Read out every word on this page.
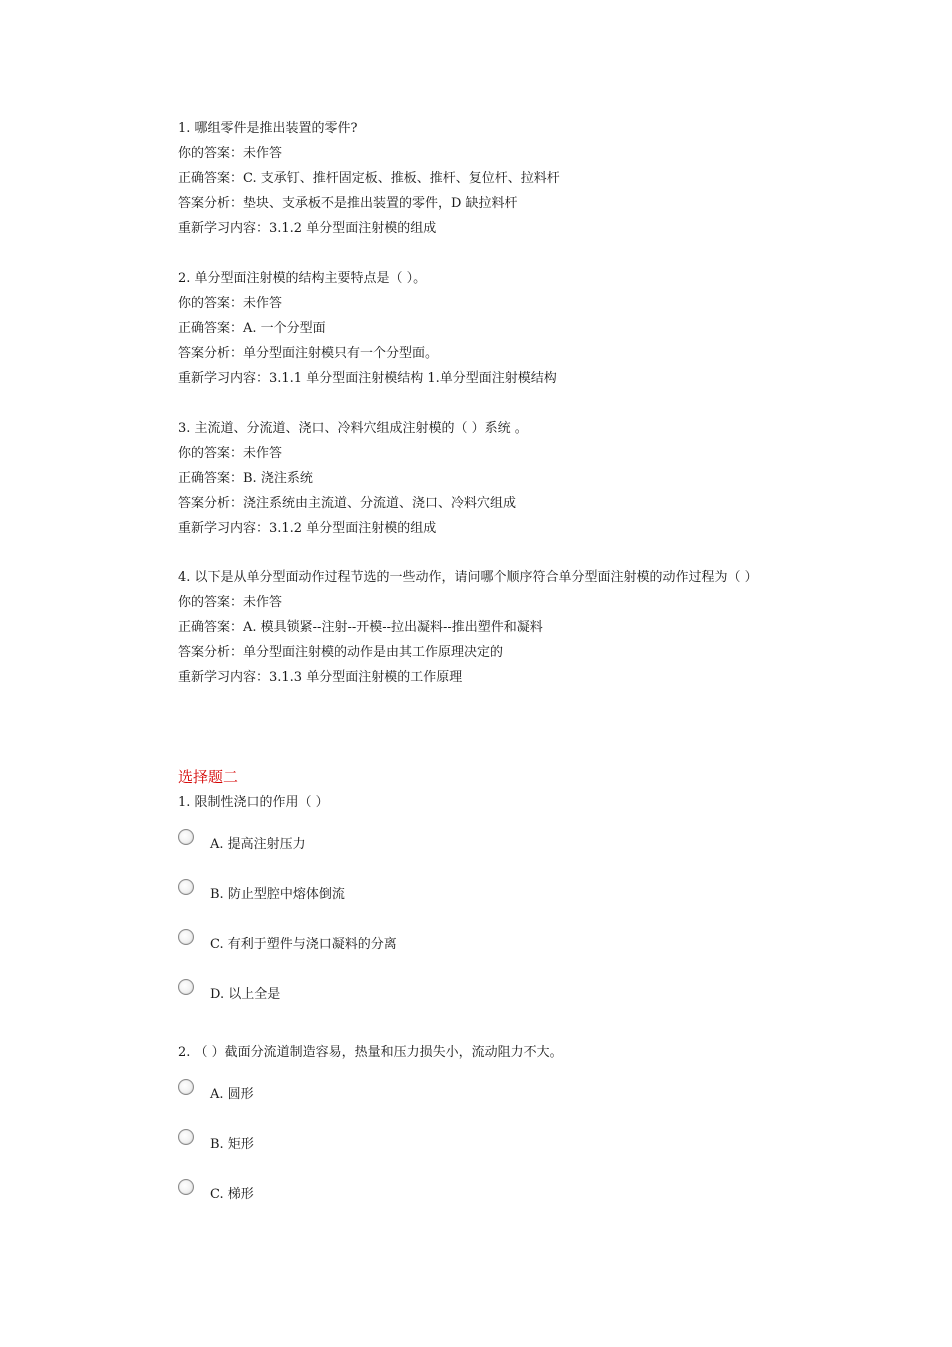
1. 哪组零件是推出装置的零件?
你的答案：未作答
正确答案：C. 支承钉、推杆固定板、推板、推杆、复位杆、拉料杆
答案分析：垫块、支承板不是推出装置的零件，D 缺拉料杆
重新学习内容：3.1.2 单分型面注射模的组成
2. 单分型面注射模的结构主要特点是（ ）。
你的答案：未作答
正确答案：A. 一个分型面
答案分析：单分型面注射模只有一个分型面。
重新学习内容：3.1.1 单分型面注射模结构 1.单分型面注射模结构
3. 主流道、分流道、浇口、冷料穴组成注射模的（ ）系统 。
你的答案：未作答
正确答案：B. 浇注系统
答案分析：浇注系统由主流道、分流道、浇口、冷料穴组成
重新学习内容：3.1.2 单分型面注射模的组成
4. 以下是从单分型面动作过程节选的一些动作，请问哪个顺序符合单分型面注射模的动作过程为（ ）
你的答案：未作答
正确答案：A. 模具锁紧--注射--开模--拉出凝料--推出塑件和凝料
答案分析：单分型面注射模的动作是由其工作原理决定的
重新学习内容：3.1.3 单分型面注射模的工作原理
选择题二
1. 限制性浇口的作用（ ）
A. 提高注射压力
B. 防止型腔中熔体倒流
C. 有利于塑件与浇口凝料的分离
D. 以上全是
2. （ ）截面分流道制造容易，热量和压力损失小，流动阻力不大。
A. 圆形
B. 矩形
C. 梯形
